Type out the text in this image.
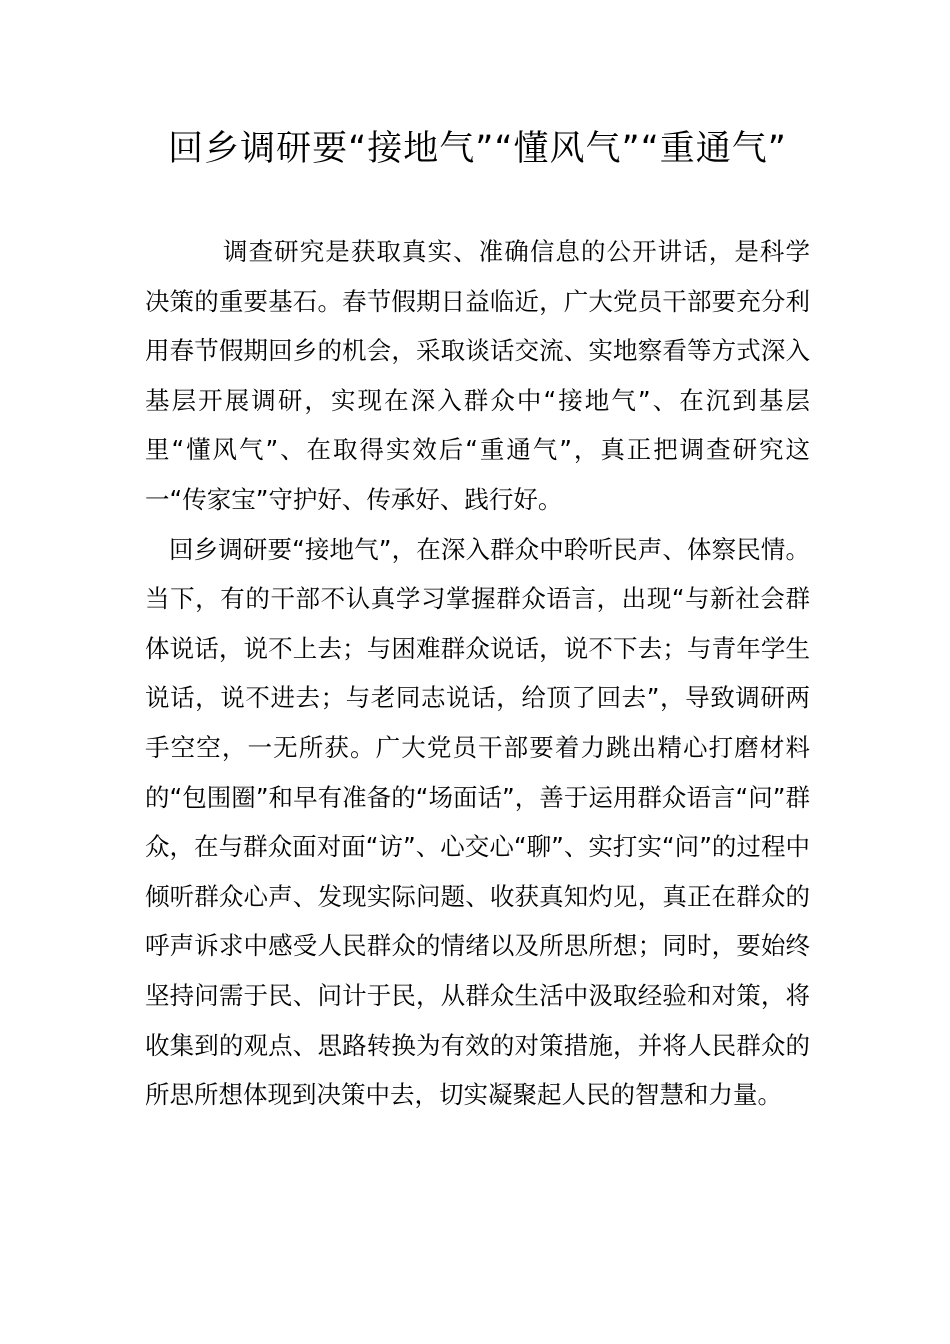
回乡调研要“接地气”“懂风气”“重通气”

调查研究是获取真实、准确信息的公开讲话，是科学决策的重要基石。春节假期日益临近，广大党员干部要充分利用春节假期回乡的机会，采取谈话交流、实地察看等方式深入基层开展调研，实现在深入群众中“接地气”、在沉到基层里“懂风气”、在取得实效后“重通气”，真正把调查研究这一“传家宝”守护好、传承好、践行好。

回乡调研要“接地气”，在深入群众中聆听民声、体察民情。当下，有的干部不认真学习掌握群众语言，出现“与新社会群体说话，说不上去；与困难群众说话，说不下去；与青年学生说话，说不进去；与老同志说话，给顶了回去”，导致调研两手空空，一无所获。广大党员干部要着力跳出精心打磨材料的“包围圈”和早有准备的“场面话”，善于运用群众语言“问”群众，在与群众面对面“访”、心交心“聊”、实打实“问”的过程中倾听群众心声、发现实际问题、收获真知灼见，真正在群众的呼声诉求中感受人民群众的情绪以及所思所想；同时，要始终坚持问需于民、问计于民，从群众生活中汲取经验和对策，将收集到的观点、思路转换为有效的对策措施，并将人民群众的所思所想体现到决策中去，切实凝聚起人民的智慧和力量。
